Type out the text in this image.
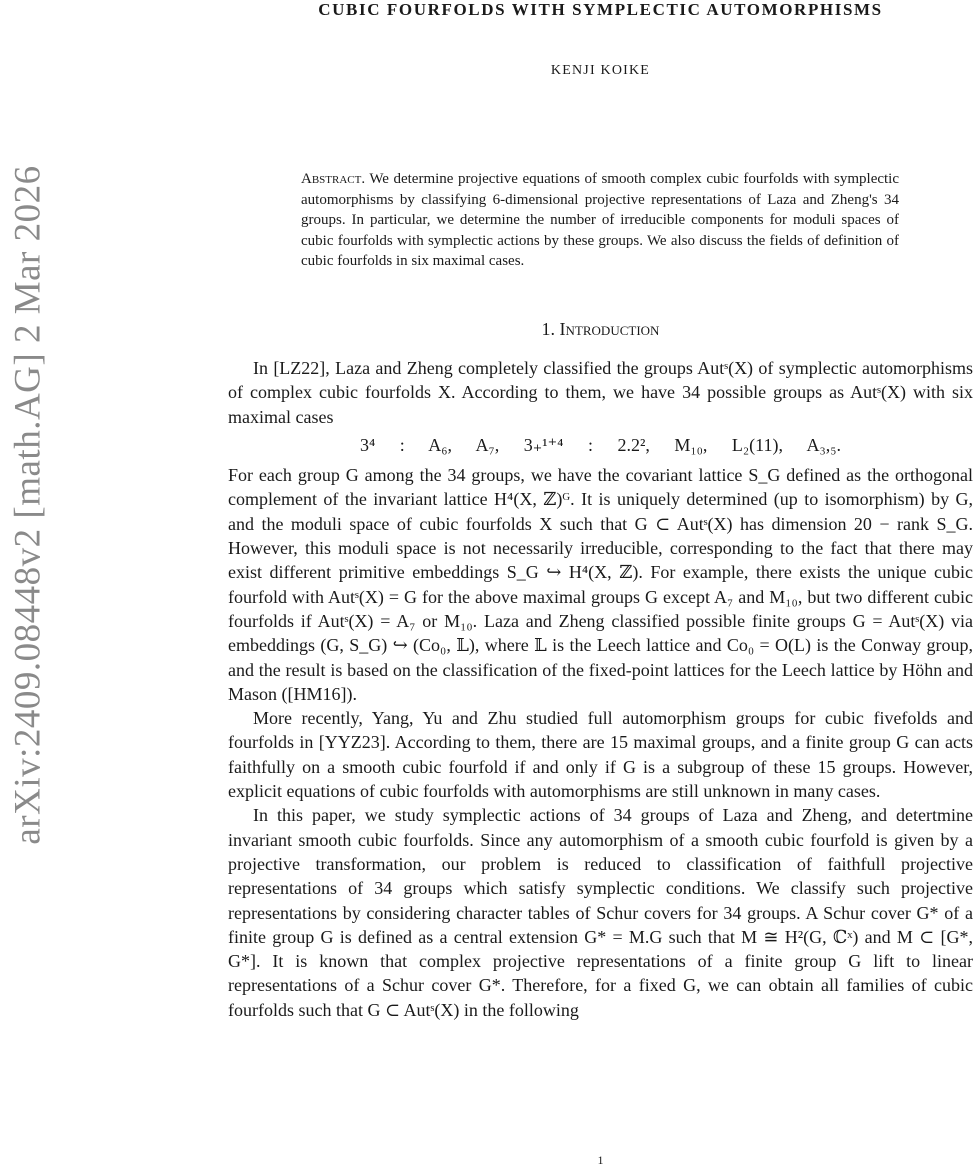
arXiv:2409.08448v2 [math.AG] 2 Mar 2026
CUBIC FOURFOLDS WITH SYMPLECTIC AUTOMORPHISMS
KENJI KOIKE
Abstract. We determine projective equations of smooth complex cubic fourfolds with symplectic automorphisms by classifying 6-dimensional projective representations of Laza and Zheng's 34 groups. In particular, we determine the number of irreducible components for moduli spaces of cubic fourfolds with symplectic actions by these groups. We also discuss the fields of definition of cubic fourfolds in six maximal cases.
1. Introduction

In [LZ22], Laza and Zheng completely classified the groups Autˢ(X) of symplectic automorphisms of complex cubic fourfolds X. According to them, we have 34 possible groups as Autˢ(X) with six maximal cases

3⁴ : A₆, A₇, 3₊¹⁺⁴ : 2.2², M₁₀, L₂(11), A₃,₅.

For each group G among the 34 groups, we have the covariant lattice S_G defined as the orthogonal complement of the invariant lattice H⁴(X, ℤ)ᴳ. It is uniquely determined (up to isomorphism) by G, and the moduli space of cubic fourfolds X such that G ⊂ Autˢ(X) has dimension 20 − rank S_G. However, this moduli space is not necessarily irreducible, corresponding to the fact that there may exist different primitive embeddings S_G ↪ H⁴(X, ℤ). For example, there exists the unique cubic fourfold with Autˢ(X) = G for the above maximal groups G except A₇ and M₁₀, but two different cubic fourfolds if Autˢ(X) = A₇ or M₁₀. Laza and Zheng classified possible finite groups G = Autˢ(X) via embeddings (G, S_G) ↪ (Co₀, 𝕃), where 𝕃 is the Leech lattice and Co₀ = O(L) is the Conway group, and the result is based on the classification of the fixed-point lattices for the Leech lattice by Höhn and Mason ([HM16]).

More recently, Yang, Yu and Zhu studied full automorphism groups for cubic fivefolds and fourfolds in [YYZ23]. According to them, there are 15 maximal groups, and a finite group G can acts faithfully on a smooth cubic fourfold if and only if G is a subgroup of these 15 groups. However, explicit equations of cubic fourfolds with automorphisms are still unknown in many cases.

In this paper, we study symplectic actions of 34 groups of Laza and Zheng, and detertmine invariant smooth cubic fourfolds. Since any automorphism of a smooth cubic fourfold is given by a projective transformation, our problem is reduced to classification of faithfull projective representations of 34 groups which satisfy symplectic conditions. We classify such projective representations by considering character tables of Schur covers for 34 groups. A Schur cover G* of a finite group G is defined as a central extension G* = M.G such that M ≅ H²(G, ℂˣ) and M ⊂ [G*, G*]. It is known that complex projective representations of a finite group G lift to linear representations of a Schur cover G*. Therefore, for a fixed G, we can obtain all families of cubic fourfolds such that G ⊂ Autˢ(X) in the following

1
